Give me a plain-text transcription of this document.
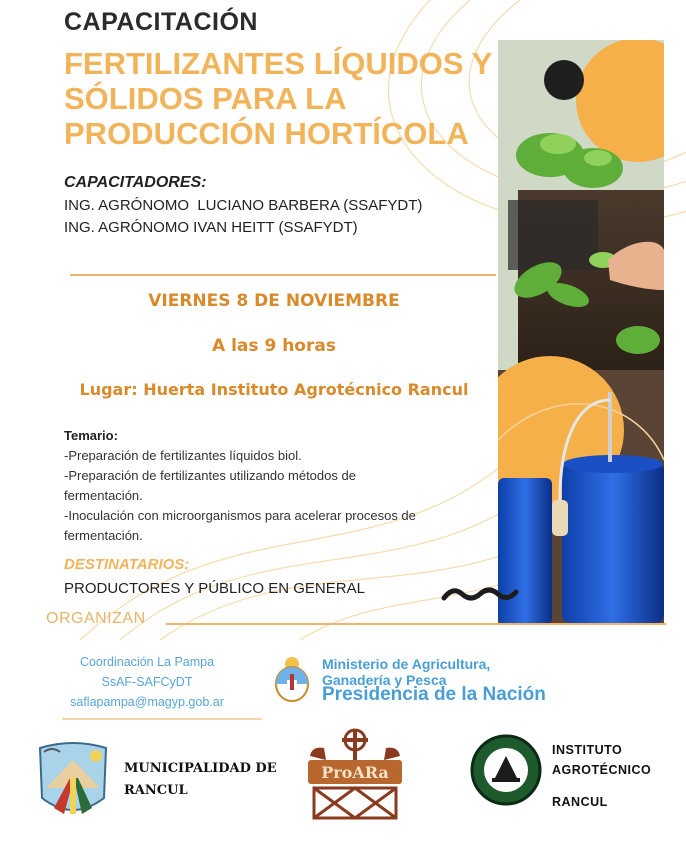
CAPACITACIÓN
FERTILIZANTES LÍQUIDOS Y
SÓLIDOS PARA LA
PRODUCCIÓN HORTÍCOLA
CAPACITADORES:
ING. AGRÓNOMO  LUCIANO BARBERA (SSAFYDT)
ING. AGRÓNOMO IVAN HEITT (SSAFYDT)
VIERNES 8 DE NOVIEMBRE
A las 9 horas
Lugar: Huerta Instituto Agrotécnico Rancul
Temario:
-Preparación de fertilizantes líquidos biol.
-Preparación de fertilizantes utilizando métodos de
fermentación.
-Inoculación con microorganismos para acelerar procesos de
fermentación.
DESTINATARIOS:
PRODUCTORES Y PÚBLICO EN GENERAL
ORGANIZAN
Coordinación La Pampa
SsAF-SAFCyDT
saflapampa@magyp.gob.ar
Ministerio de Agricultura,
Ganadería y Pesca
Presidencia de la Nación
MUNICIPALIDAD DE
RANCUL
ProARa
INSTITUTO
AGROTÉCNICO
RANCUL
